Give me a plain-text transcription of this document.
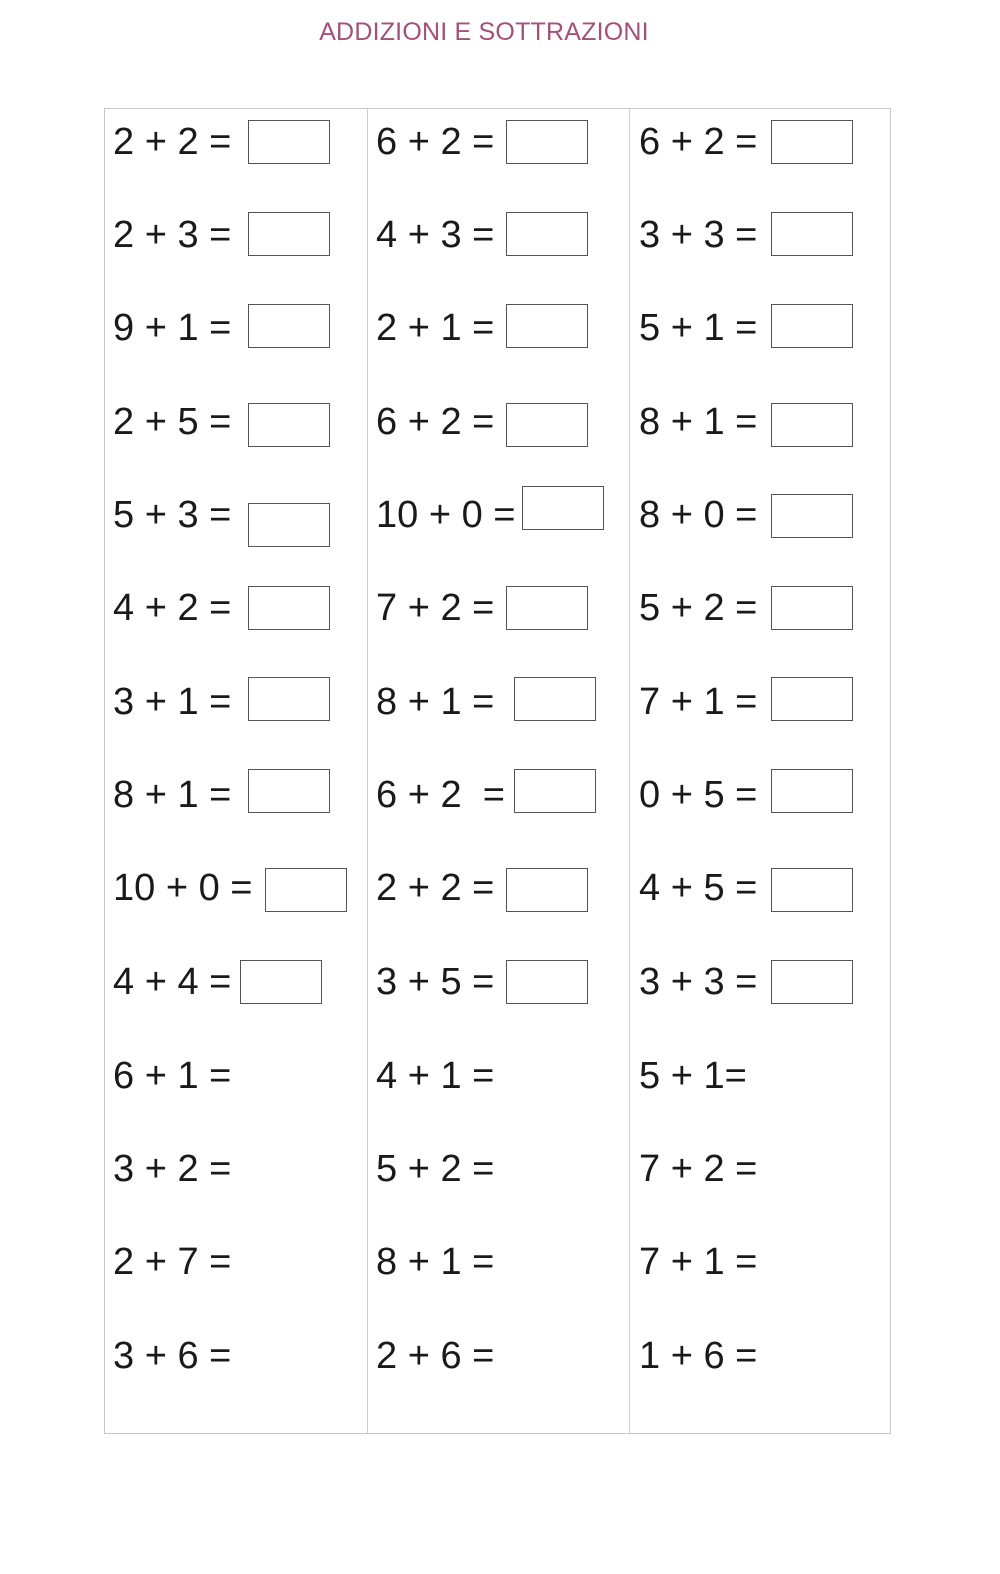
ADDIZIONI E SOTTRAZIONI
2 + 2 =
2 + 3 =
9 + 1 =
2 + 5 =
5 + 3 =
4 + 2 =
3 + 1 =
8 + 1 =
10 + 0 =
4 + 4 =
6 + 1 =
3 + 2 =
2 + 7 =
3 + 6 =
6 + 2 =
4 + 3 =
2 + 1 =
6 + 2 =
10 + 0 =
7 + 2 =
8 + 1 =
6 + 2  =
2 + 2 =
3 + 5 =
4 + 1 =
5 + 2 =
8 + 1 =
2 + 6 =
6 + 2 =
3 + 3 =
5 + 1 =
8 + 1 =
8 + 0 =
5 + 2 =
7 + 1 =
0 + 5 =
4 + 5 =
3 + 3 =
5 + 1=
7 + 2 =
7 + 1 =
1 + 6 =
